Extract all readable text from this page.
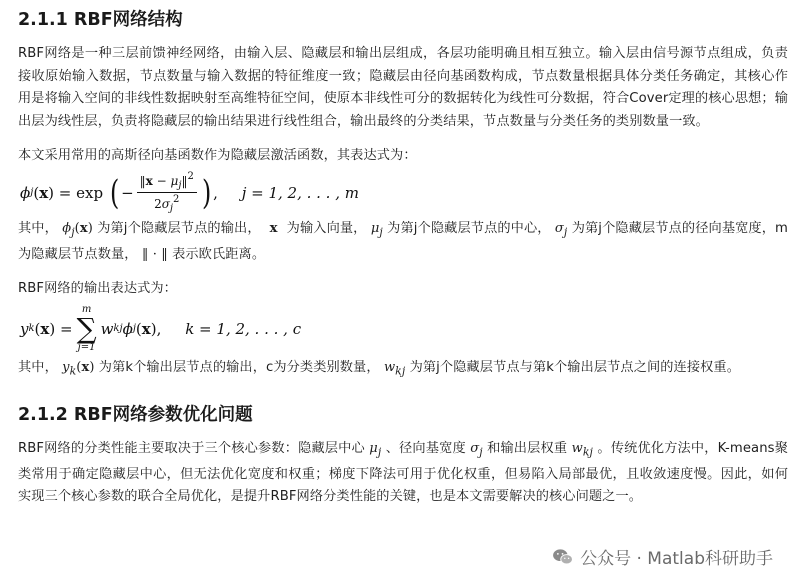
2.1.1 RBF网络结构

RBF网络是一种三层前馈神经网络，由输入层、隐藏层和输出层组成，各层功能明确且相互独立。输入层由信号源节点组成，负责接收原始输入数据，节点数量与输入数据的特征维度一致；隐藏层由径向基函数构成，节点数量根据具体分类任务确定，其核心作用是将输入空间的非线性数据映射至高维特征空间，使原本非线性可分的数据转化为线性可分数据，符合Cover定理的核心思想；输出层为线性层，负责将隐藏层的输出结果进行线性组合，输出最终的分类结果，节点数量与分类任务的类别数量一致。

本文采用常用的高斯径向基函数作为隐藏层激活函数，其表达式为：

ϕ j ( x ) = exp ( − $\frac{‖x - \mu_j‖^2}{2\sigma_j^2}$ ) , j = 1, 2, . . . , m

其中， $\phi_j(x)$ 为第j个隐藏层节点的输出，  x  为输入向量， $\mu_j$ 为第j个隐藏层节点的中心， $\sigma_j$ 为第j个隐藏层节点的径向基宽度，m为隐藏层节点数量， ‖ · ‖ 表示欧氏距离。

RBF网络的输出表达式为：

y k ( x ) =
m
∑
j=1
w kj ϕ j ( x ), k = 1, 2, . . . , c

其中， $y_k(x)$ 为第k个输出层节点的输出，c为分类类别数量， $w_{kj}$ 为第j个隐藏层节点与第k个输出层节点之间的连接权重。

2.1.2 RBF网络参数优化问题

RBF网络的分类性能主要取决于三个核心参数：隐藏层中心 $\mu_j$ 、径向基宽度 $\sigma_j$ 和输出层权重 $w_{kj}$ 。传统优化方法中，K-means聚类常用于确定隐藏层中心，但无法优化宽度和权重；梯度下降法可用于优化权重，但易陷入局部最优，且收敛速度慢。因此，如何实现三个核心参数的联合全局优化，是提升RBF网络分类性能的关键，也是本文需要解决的核心问题之一。

公众号 · Matlab科研助手
